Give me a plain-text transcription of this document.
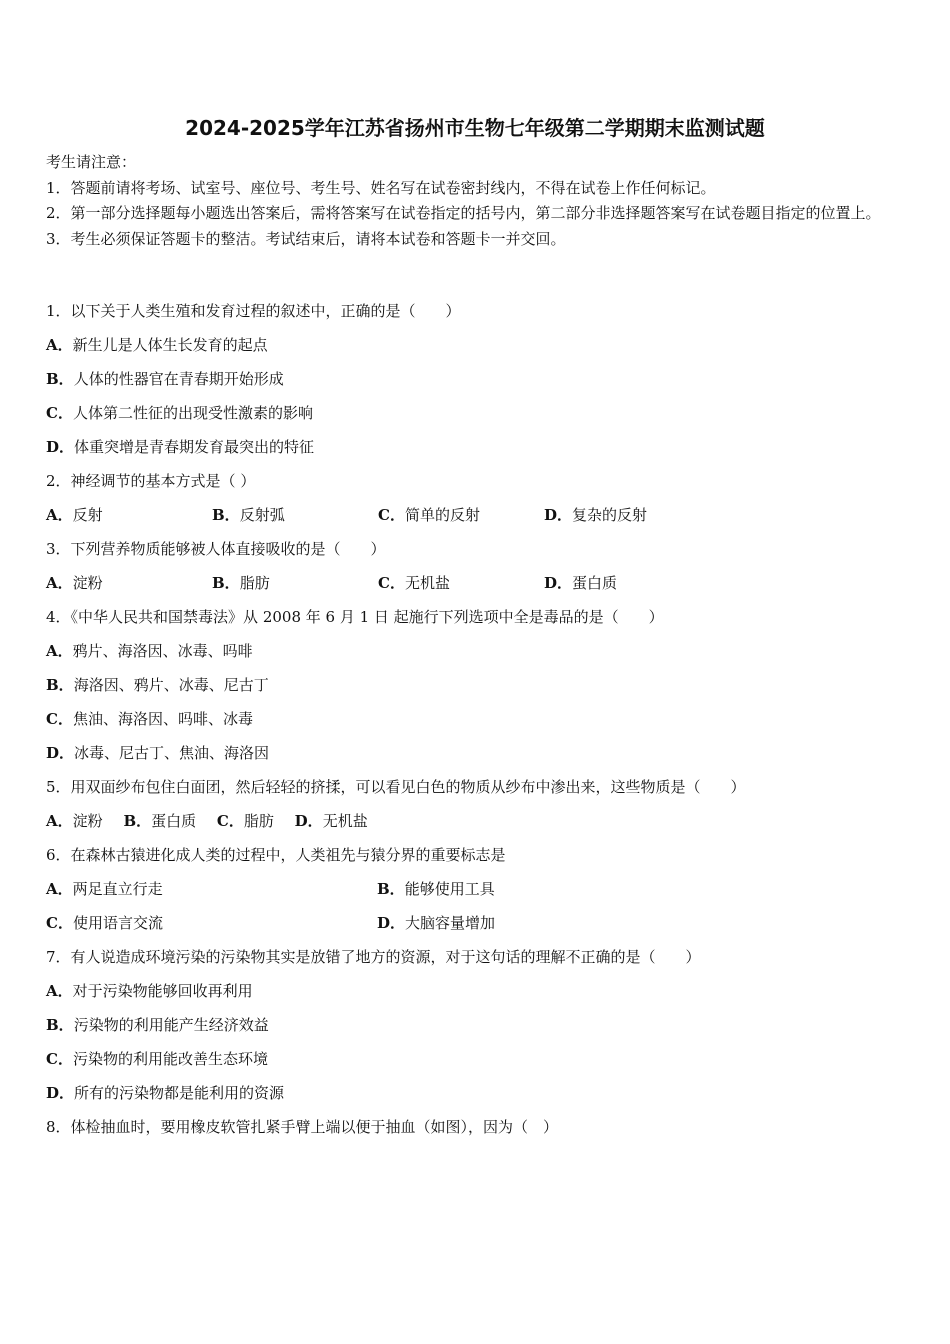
2024-2025学年江苏省扬州市生物七年级第二学期期末监测试题
考生请注意：
1．答题前请将考场、试室号、座位号、考生号、姓名写在试卷密封线内，不得在试卷上作任何标记。
2．第一部分选择题每小题选出答案后，需将答案写在试卷指定的括号内，第二部分非选择题答案写在试卷题目指定的位置上。
3．考生必须保证答题卡的整洁。考试结束后，请将本试卷和答题卡一并交回。
1．以下关于人类生殖和发育过程的叙述中，正确的是（　　）
A．新生儿是人体生长发育的起点
B．人体的性器官在青春期开始形成
C．人体第二性征的出现受性激素的影响
D．体重突增是青春期发育最突出的特征
2．神经调节的基本方式是（ ）
A．反射	B．反射弧	C．简单的反射	D．复杂的反射
3．下列营养物质能够被人体直接吸收的是（　　）
A．淀粉	B．脂肪	C．无机盐	D．蛋白质
4．《中华人民共和国禁毒法》从 2008 年 6 月 1 日 起施行下列选项中全是毒品的是（　　）
A．鸦片、海洛因、冰毒、吗啡
B．海洛因、鸦片、冰毒、尼古丁
C．焦油、海洛因、吗啡、冰毒
D．冰毒、尼古丁、焦油、海洛因
5．用双面纱布包住白面团，然后轻轻的挤揉，可以看见白色的物质从纱布中渗出来，这些物质是（　　）
A．淀粉 B．蛋白质 C．脂肪 D．无机盐
6．在森林古猿进化成人类的过程中，人类祖先与猿分界的重要标志是
A．两足直立行走	B．能够使用工具
C．使用语言交流	D．大脑容量增加
7．有人说造成环境污染的污染物其实是放错了地方的资源，对于这句话的理解不正确的是（　　）
A．对于污染物能够回收再利用
B．污染物的利用能产生经济效益
C．污染物的利用能改善生态环境
D．所有的污染物都是能利用的资源
8．体检抽血时，要用橡皮软管扎紧手臂上端以便于抽血（如图），因为（　）
